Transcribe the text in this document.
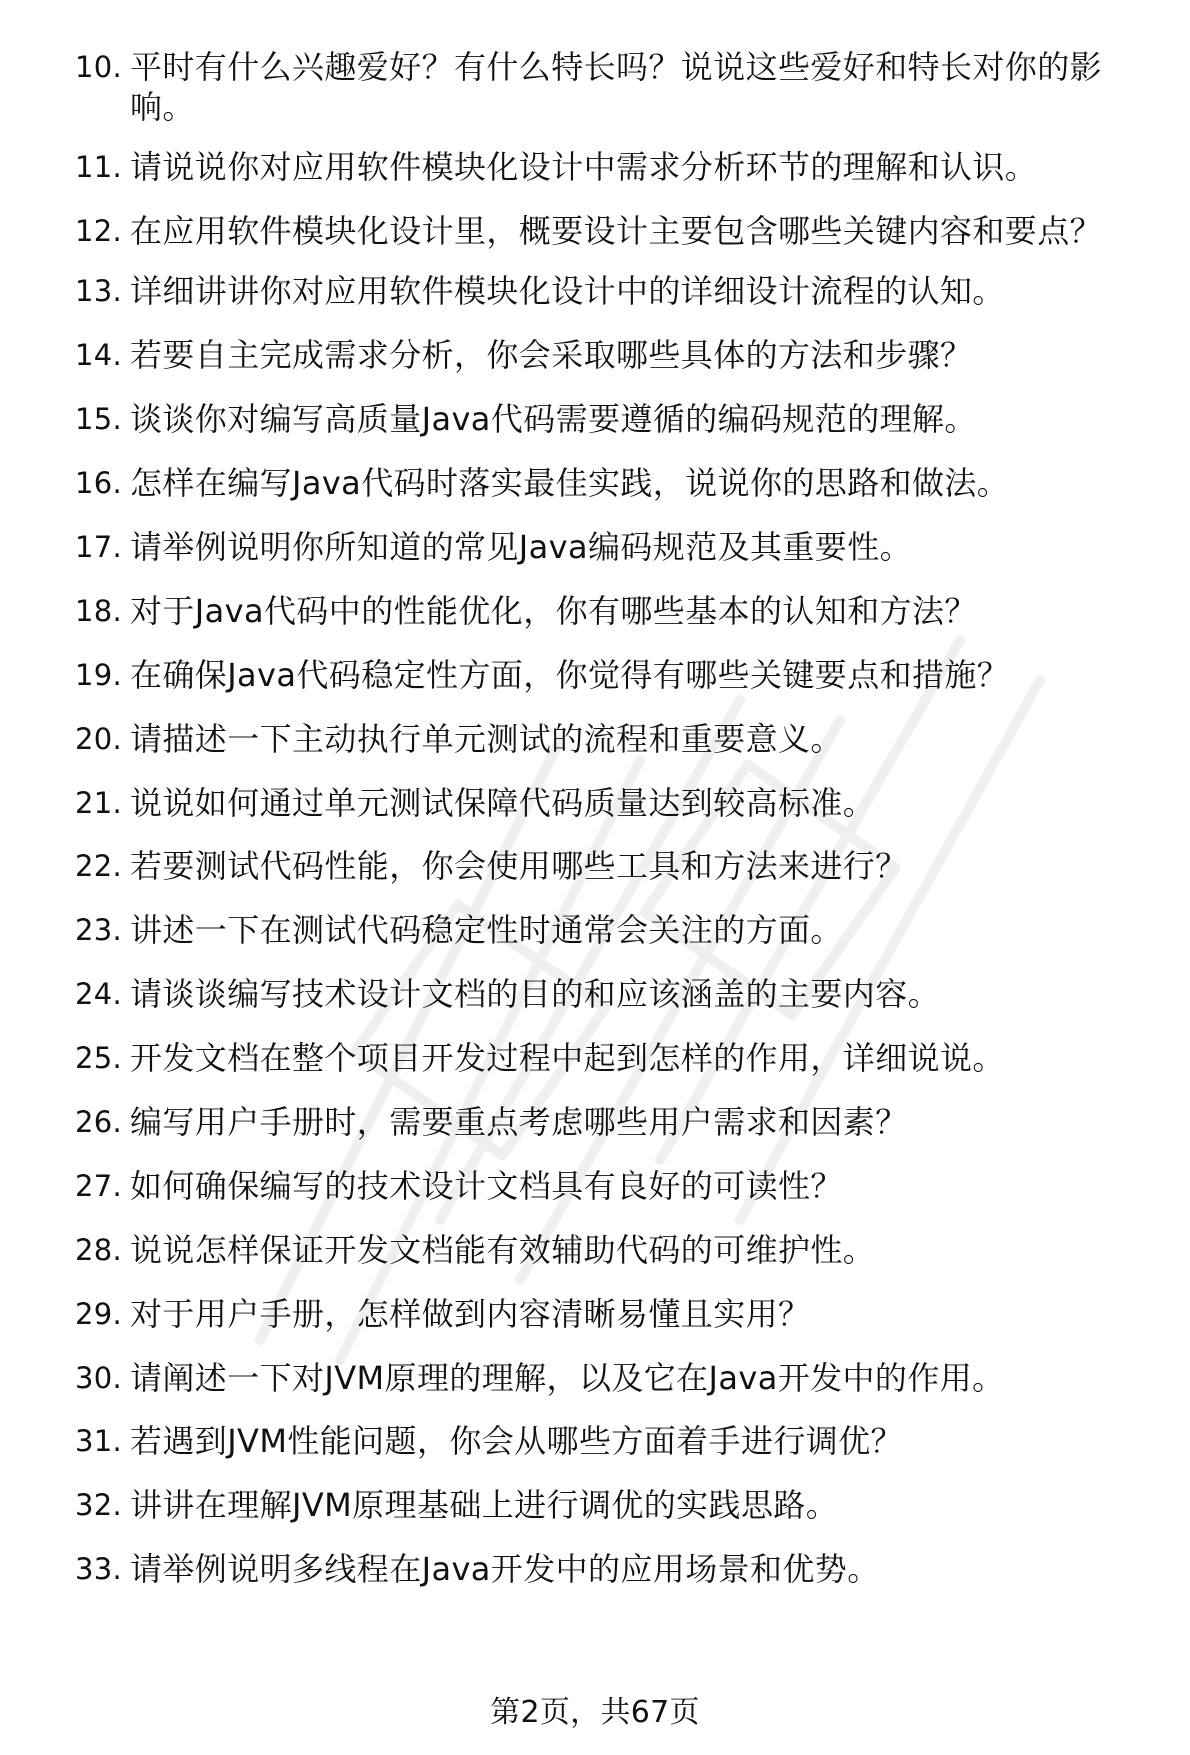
10. 平时有什么兴趣爱好？有什么特长吗？说说这些爱好和特长对你的影响。
11. 请说说你对应用软件模块化设计中需求分析环节的理解和认识。
12. 在应用软件模块化设计里，概要设计主要包含哪些关键内容和要点？
13. 详细讲讲你对应用软件模块化设计中的详细设计流程的认知。
14. 若要自主完成需求分析，你会采取哪些具体的方法和步骤？
15. 谈谈你对编写高质量Java代码需要遵循的编码规范的理解。
16. 怎样在编写Java代码时落实最佳实践，说说你的思路和做法。
17. 请举例说明你所知道的常见Java编码规范及其重要性。
18. 对于Java代码中的性能优化，你有哪些基本的认知和方法？
19. 在确保Java代码稳定性方面，你觉得有哪些关键要点和措施？
20. 请描述一下主动执行单元测试的流程和重要意义。
21. 说说如何通过单元测试保障代码质量达到较高标准。
22. 若要测试代码性能，你会使用哪些工具和方法来进行？
23. 讲述一下在测试代码稳定性时通常会关注的方面。
24. 请谈谈编写技术设计文档的目的和应该涵盖的主要内容。
25. 开发文档在整个项目开发过程中起到怎样的作用，详细说说。
26. 编写用户手册时，需要重点考虑哪些用户需求和因素？
27. 如何确保编写的技术设计文档具有良好的可读性？
28. 说说怎样保证开发文档能有效辅助代码的可维护性。
29. 对于用户手册，怎样做到内容清晰易懂且实用？
30. 请阐述一下对JVM原理的理解，以及它在Java开发中的作用。
31. 若遇到JVM性能问题，你会从哪些方面着手进行调优？
32. 讲讲在理解JVM原理基础上进行调优的实践思路。
33. 请举例说明多线程在Java开发中的应用场景和优势。
第2页，共67页
